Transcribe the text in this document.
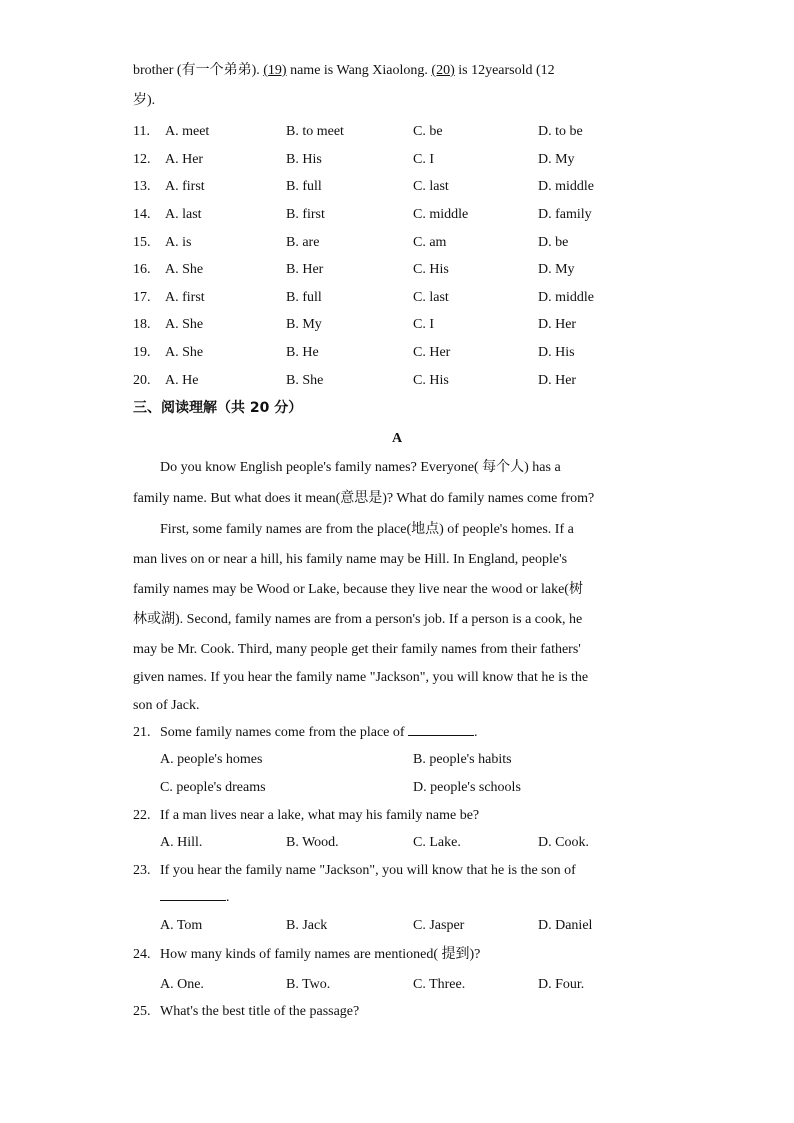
brother (有一个弟弟). (19) name is Wang Xiaolong. (20) is 12yearsold (12
岁).
11.	A. meet	B. to meet	C. be	D. to be
12.	A. Her	B. His	C. I	D. My
13.	A. first	B. full	C. last	D. middle
14.	A. last	B. first	C. middle	D. family
15.	A. is	B. are	C. am	D. be
16.	A. She	B. Her	C. His	D. My
17.	A. first	B. full	C. last	D. middle
18.	A. She	B. My	C. I	D. Her
19.	A. She	B. He	C. Her	D. His
20.	A. He	B. She	C. His	D. Her
三、阅读理解（共 20 分）
A
Do you know English people's family names? Everyone( 每个人) has a
family name. But what does it mean(意思是)? What do family names come from?
First, some family names are from the place(地点) of people's homes. If a
man lives on or near a hill, his family name may be Hill. In England, people's
family names may be Wood or Lake, because they live near the wood or lake(树
林或湖). Second, family names are from a person's job. If a person is a cook, he
may be Mr. Cook. Third, many people get their family names from their fathers'
given names. If you hear the family name "Jackson", you will know that he is the
son of Jack.
21. Some family names come from the place of	.
A. people's homes	B. people's habits
C. people's dreams	D. people's schools
22. If a man lives near a lake, what may his family name be?
A. Hill.	B. Wood.	C. Lake.	D. Cook.
23. If you hear the family name "Jackson", you will know that he is the son of
.
A. Tom	B. Jack	C. Jasper	D. Daniel
24. How many kinds of family names are mentioned( 提到)?
A. One.	B. Two.	C. Three.	D. Four.
25. What's the best title of the passage?
